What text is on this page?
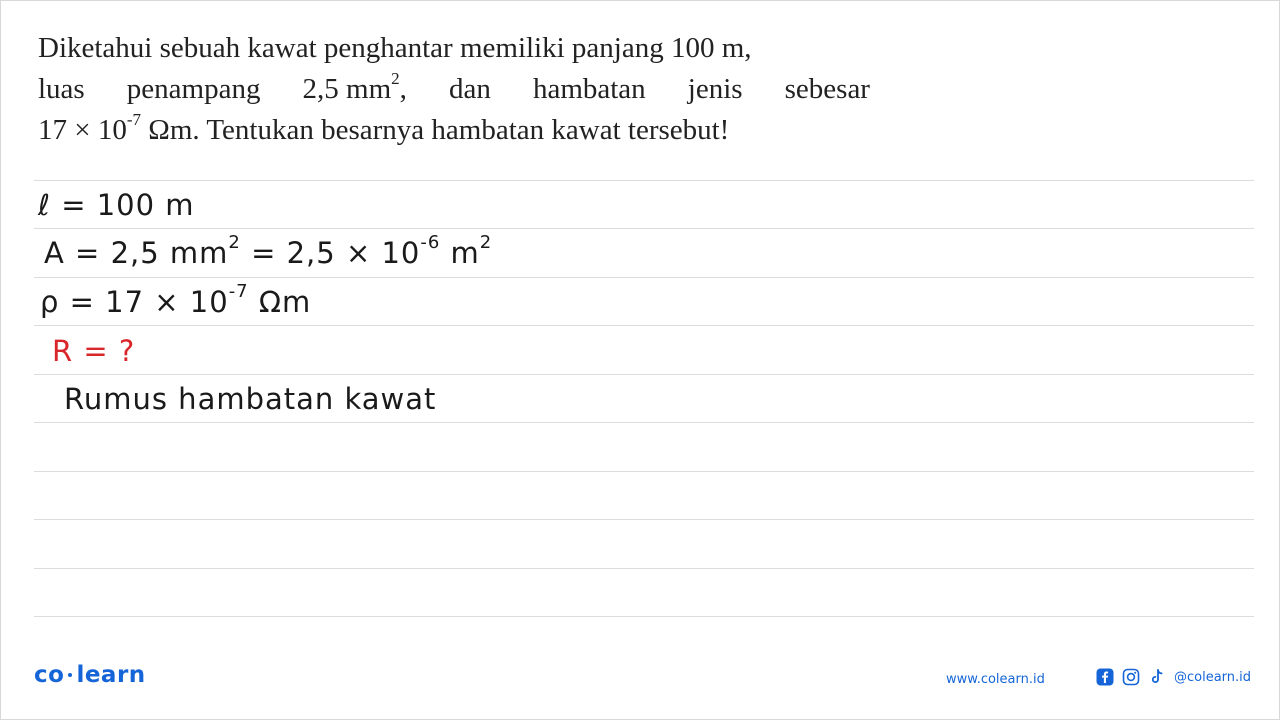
Diketahui sebuah kawat penghantar memiliki panjang 100 m,
luas penampang 2,5 $mm^2$, dan hambatan jenis sebesar
$17 \times 10^{-7}$ Ωm. Tentukan besarnya hambatan kawat tersebut!
ℓ = 100 m
A = 2,5 $mm^2 = 2,5 \times 10^{-6}$ $m^2$
$\rho = 17 \times 10^{-7}$ Ωm
R = ?
Rumus hambatan kawat
co learn	www.colearn.id	@colearn.id
